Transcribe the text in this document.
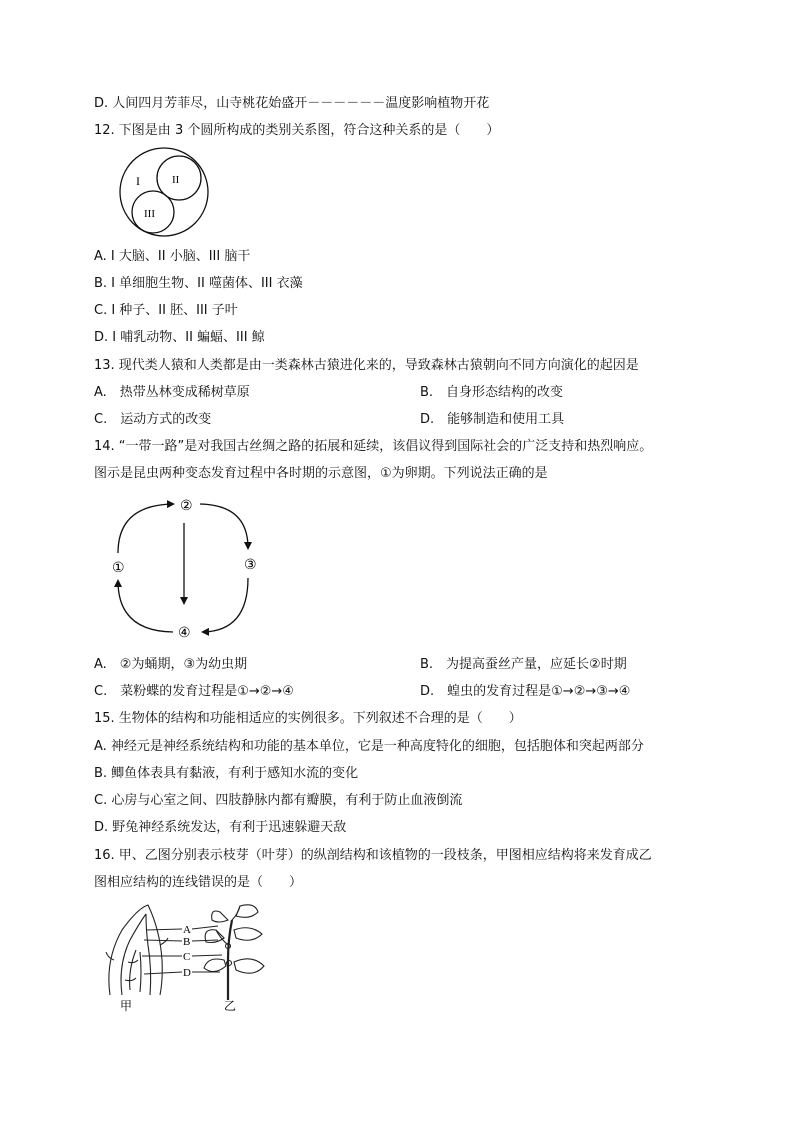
D. 人间四月芳菲尽，山寺桃花始盛开－－－－－－温度影响植物开花
12. 下图是由 3 个圆所构成的类别关系图，符合这种关系的是（　　）
I	II
III
A. I 大脑、II 小脑、III 脑干
B. I 单细胞生物、II 噬菌体、III 衣藻
C. I 种子、II 胚、III 子叶
D. I 哺乳动物、II 蝙蝠、III 鲸
13. 现代类人猿和人类都是由一类森林古猿进化来的，导致森林古猿朝向不同方向演化的起因是
A.　热带丛林变成稀树草原	B.　自身形态结构的改变
C.　运动方式的改变	D.　能够制造和使用工具
14. “一带一路”是对我国古丝绸之路的拓展和延续，该倡议得到国际社会的广泛支持和热烈响应。
图示是昆虫两种变态发育过程中各时期的示意图，①为卵期。下列说法正确的是
②
③
①
④
A.　②为蛹期，③为幼虫期	B.　为提高蚕丝产量，应延长②时期
C.　菜粉蝶的发育过程是①→②→④	D.　蝗虫的发育过程是①→②→③→④
15. 生物体的结构和功能相适应的实例很多。下列叙述不合理的是（　　）
A. 神经元是神经系统结构和功能的基本单位，它是一种高度特化的细胞，包括胞体和突起两部分
B. 鲫鱼体表具有黏液，有利于感知水流的变化
C. 心房与心室之间、四肢静脉内都有瓣膜，有利于防止血液倒流
D. 野兔神经系统发达，有利于迅速躲避天敌
16. 甲、乙图分别表示枝芽（叶芽）的纵剖结构和该植物的一段枝条，甲图相应结构将来发育成乙
图相应结构的连线错误的是（　　）
A
B
C
D
甲	乙
